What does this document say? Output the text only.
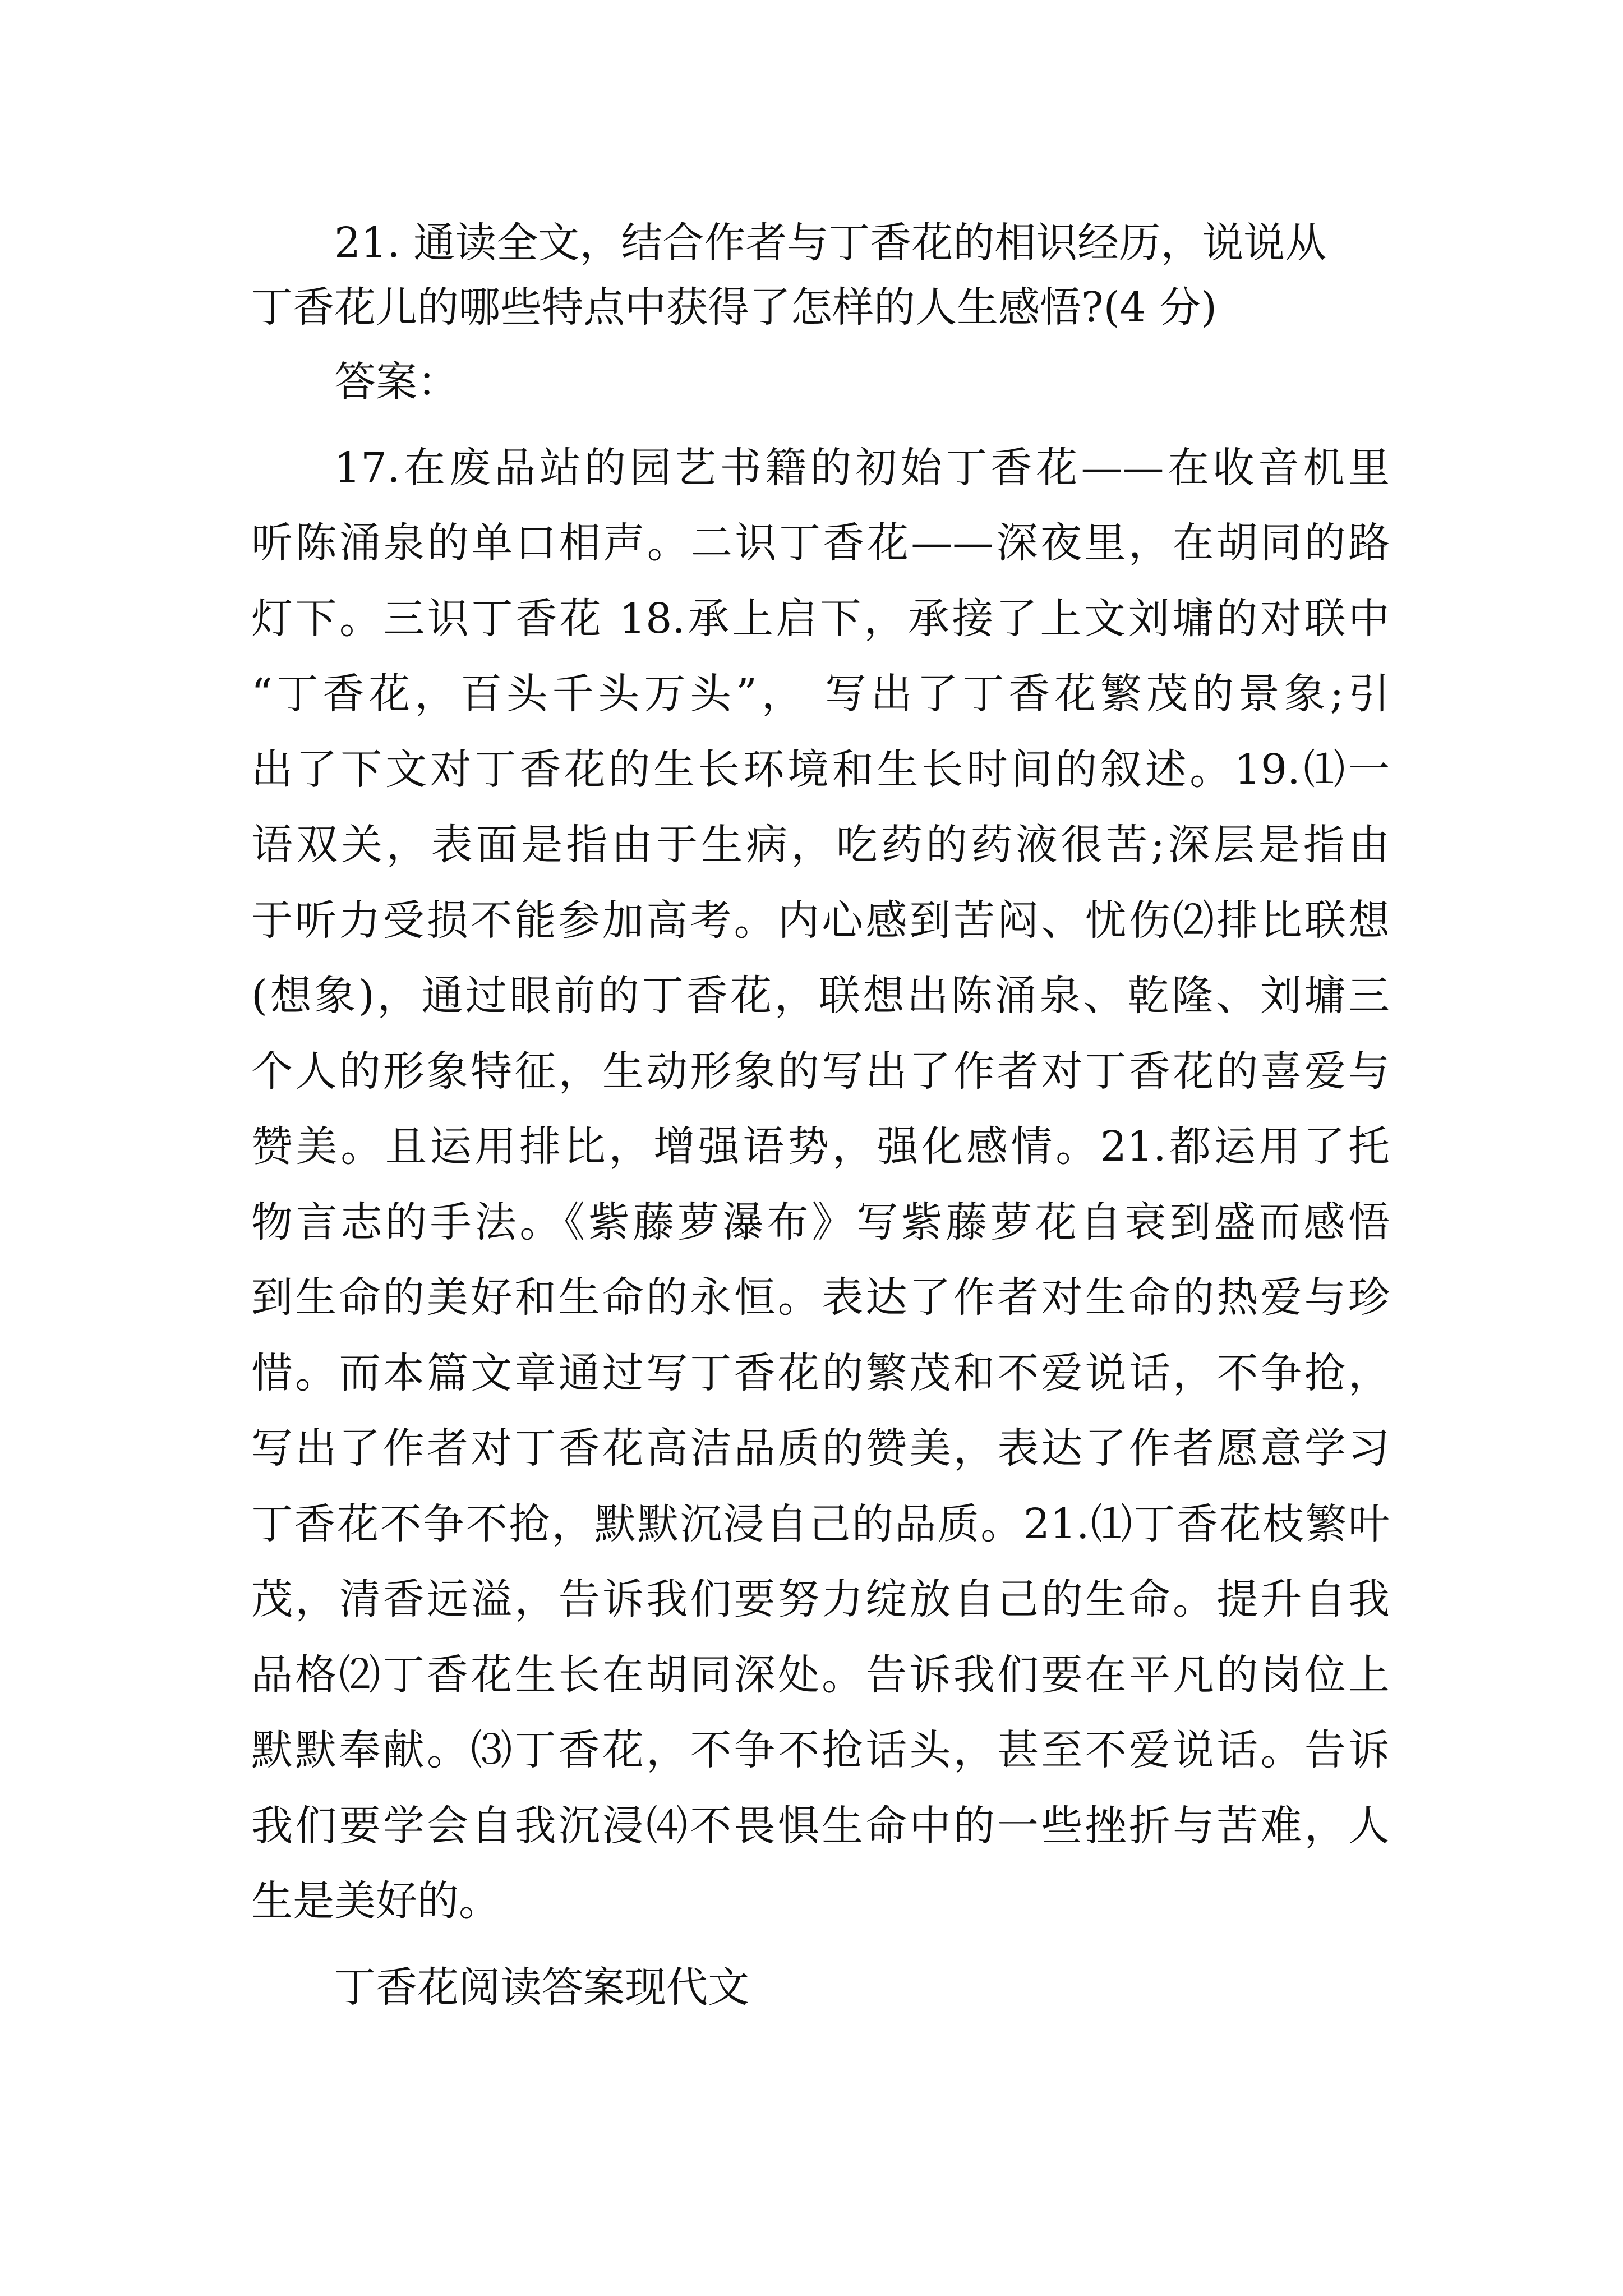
21. 通读全文，结合作者与丁香花的相识经历，说说从
丁香花儿的哪些特点中获得了怎样的人生感悟?(4 分)
答案：
17.在废品站的园艺书籍的初始丁香花——在收音机里
听陈涌泉的单口相声。二识丁香花——深夜里，在胡同的路
灯下。三识丁香花 18.承上启下，承接了上文刘墉的对联中
“丁香花，百头千头万头”， 写出了丁香花繁茂的景象;引
出了下文对丁香花的生长环境和生长时间的叙述。19.⑴一
语双关，表面是指由于生病，吃药的药液很苦;深层是指由
于听力受损不能参加高考。内心感到苦闷、忧伤⑵排比联想
(想象)，通过眼前的丁香花，联想出陈涌泉、乾隆、刘墉三
个人的形象特征，生动形象的写出了作者对丁香花的喜爱与
赞美。且运用排比，增强语势，强化感情。21.都运用了托
物言志的手法。《紫藤萝瀑布》写紫藤萝花自衰到盛而感悟
到生命的美好和生命的永恒。表达了作者对生命的热爱与珍
惜。而本篇文章通过写丁香花的繁茂和不爱说话，不争抢，
写出了作者对丁香花高洁品质的赞美，表达了作者愿意学习
丁香花不争不抢，默默沉浸自己的品质。21.⑴丁香花枝繁叶
茂，清香远溢，告诉我们要努力绽放自己的生命。提升自我
品格⑵丁香花生长在胡同深处。告诉我们要在平凡的岗位上
默默奉献。⑶丁香花，不争不抢话头，甚至不爱说话。告诉
我们要学会自我沉浸⑷不畏惧生命中的一些挫折与苦难，人
生是美好的。
丁香花阅读答案现代文
